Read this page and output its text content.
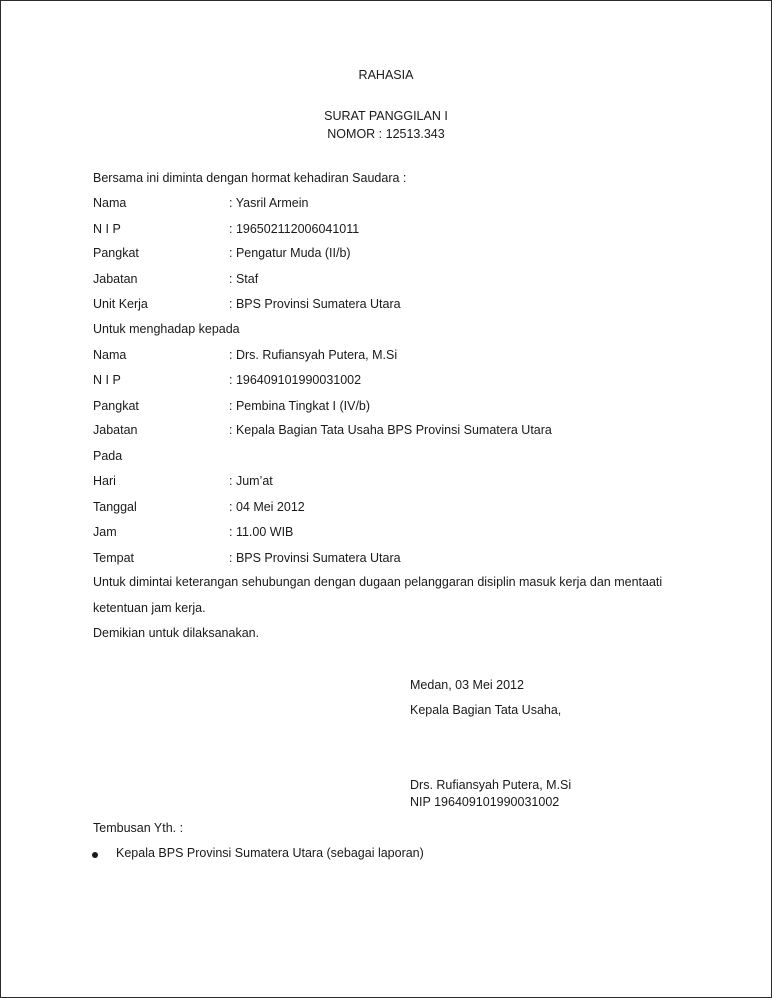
RAHASIA
SURAT PANGGILAN I
NOMOR : 12513.343
Bersama ini diminta dengan hormat kehadiran Saudara :
Nama	: Yasril Armein
N I P	: 196502112006041011
Pangkat	: Pengatur Muda (II/b)
Jabatan	: Staf
Unit Kerja	: BPS Provinsi Sumatera Utara
Untuk menghadap kepada
Nama	: Drs. Rufiansyah Putera, M.Si
N I P	: 196409101990031002
Pangkat	: Pembina Tingkat I (IV/b)
Jabatan	: Kepala Bagian Tata Usaha BPS Provinsi Sumatera Utara
Pada
Hari	: Jum’at
Tanggal	: 04 Mei 2012
Jam	: 11.00 WIB
Tempat	: BPS Provinsi Sumatera Utara
Untuk dimintai keterangan sehubungan dengan dugaan pelanggaran disiplin masuk kerja dan mentaati
ketentuan jam kerja.
Demikian untuk dilaksanakan.
Medan, 03 Mei 2012
Kepala Bagian Tata Usaha,
Drs. Rufiansyah Putera, M.Si
NIP 196409101990031002
Tembusan Yth. :
Kepala BPS Provinsi Sumatera Utara (sebagai laporan)
